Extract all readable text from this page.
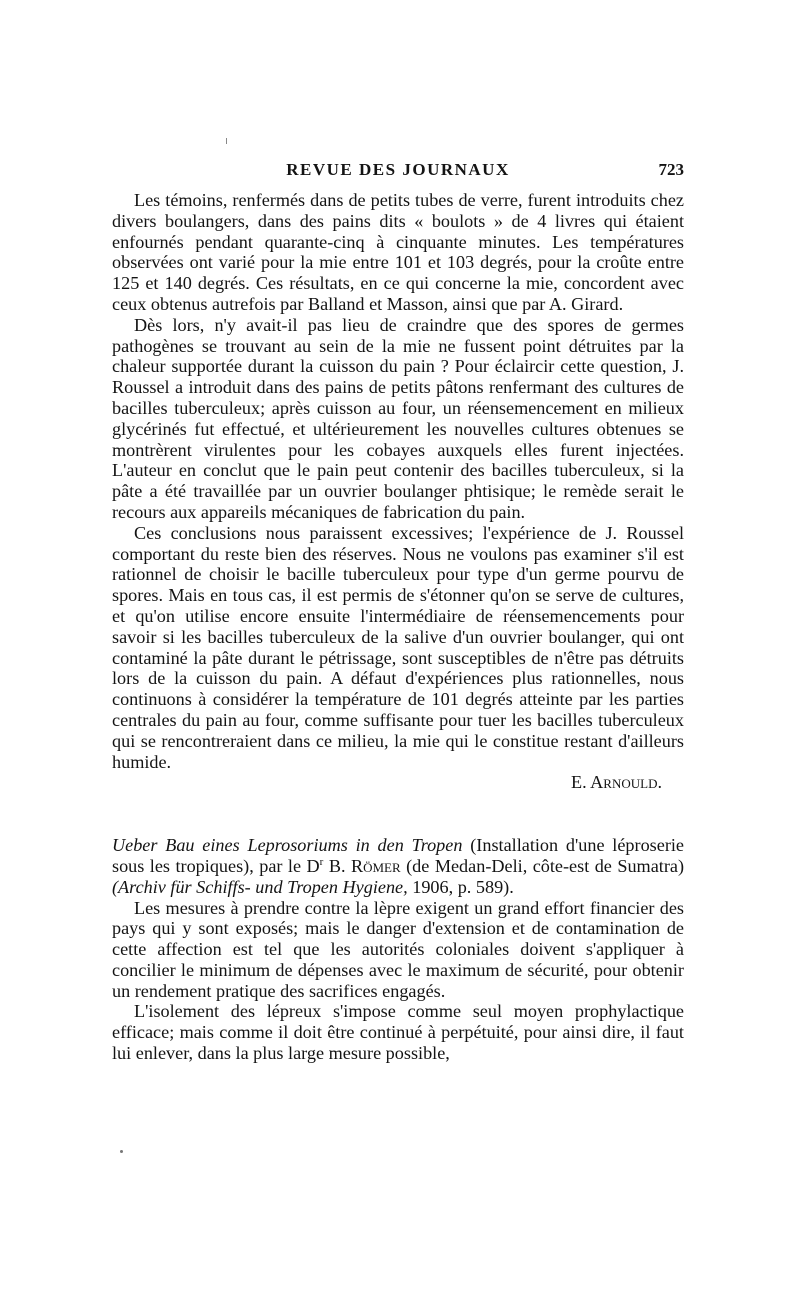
REVUE DES JOURNAUX	723

Les témoins, renfermés dans de petits tubes de verre, furent introduits chez divers boulangers, dans des pains dits « boulots » de 4 livres qui étaient enfournés pendant quarante-cinq à cinquante minutes. Les températures observées ont varié pour la mie entre 101 et 103 degrés, pour la croûte entre 125 et 140 degrés. Ces résultats, en ce qui concerne la mie, concordent avec ceux obtenus autrefois par Balland et Masson, ainsi que par A. Girard.

Dès lors, n'y avait-il pas lieu de craindre que des spores de germes pathogènes se trouvant au sein de la mie ne fussent point détruites par la chaleur supportée durant la cuisson du pain ? Pour éclaircir cette question, J. Roussel a introduit dans des pains de petits pâtons renfermant des cultures de bacilles tuberculeux; après cuisson au four, un réensemencement en milieux glycérinés fut effectué, et ultérieurement les nouvelles cultures obtenues se montrèrent virulentes pour les cobayes auxquels elles furent injectées. L'auteur en conclut que le pain peut contenir des bacilles tuberculeux, si la pâte a été travaillée par un ouvrier boulanger phtisique; le remède serait le recours aux appareils mécaniques de fabrication du pain.

Ces conclusions nous paraissent excessives; l'expérience de J. Roussel comportant du reste bien des réserves. Nous ne voulons pas examiner s'il est rationnel de choisir le bacille tuberculeux pour type d'un germe pourvu de spores. Mais en tous cas, il est permis de s'étonner qu'on se serve de cultures, et qu'on utilise encore ensuite l'intermédiaire de réensemencements pour savoir si les bacilles tuberculeux de la salive d'un ouvrier boulanger, qui ont contaminé la pâte durant le pétrissage, sont susceptibles de n'être pas détruits lors de la cuisson du pain. A défaut d'expériences plus rationnelles, nous continuons à considérer la température de 101 degrés atteinte par les parties centrales du pain au four, comme suffisante pour tuer les bacilles tuberculeux qui se rencontreraient dans ce milieu, la mie qui le constitue restant d'ailleurs humide.

E. Arnould.

Ueber Bau eines Leprosoriums in den Tropen (Installation d'une léproserie sous les tropiques), par le $D^r$ B. Römer (de Medan-Deli, côte-est de Sumatra) (Archiv für Schiffs- und Tropen Hygiene, 1906, p. 589).

Les mesures à prendre contre la lèpre exigent un grand effort financier des pays qui y sont exposés; mais le danger d'extension et de contamination de cette affection est tel que les autorités coloniales doivent s'appliquer à concilier le minimum de dépenses avec le maximum de sécurité, pour obtenir un rendement pratique des sacrifices engagés.

L'isolement des lépreux s'impose comme seul moyen prophylactique efficace; mais comme il doit être continué à perpétuité, pour ainsi dire, il faut lui enlever, dans la plus large mesure possible,
